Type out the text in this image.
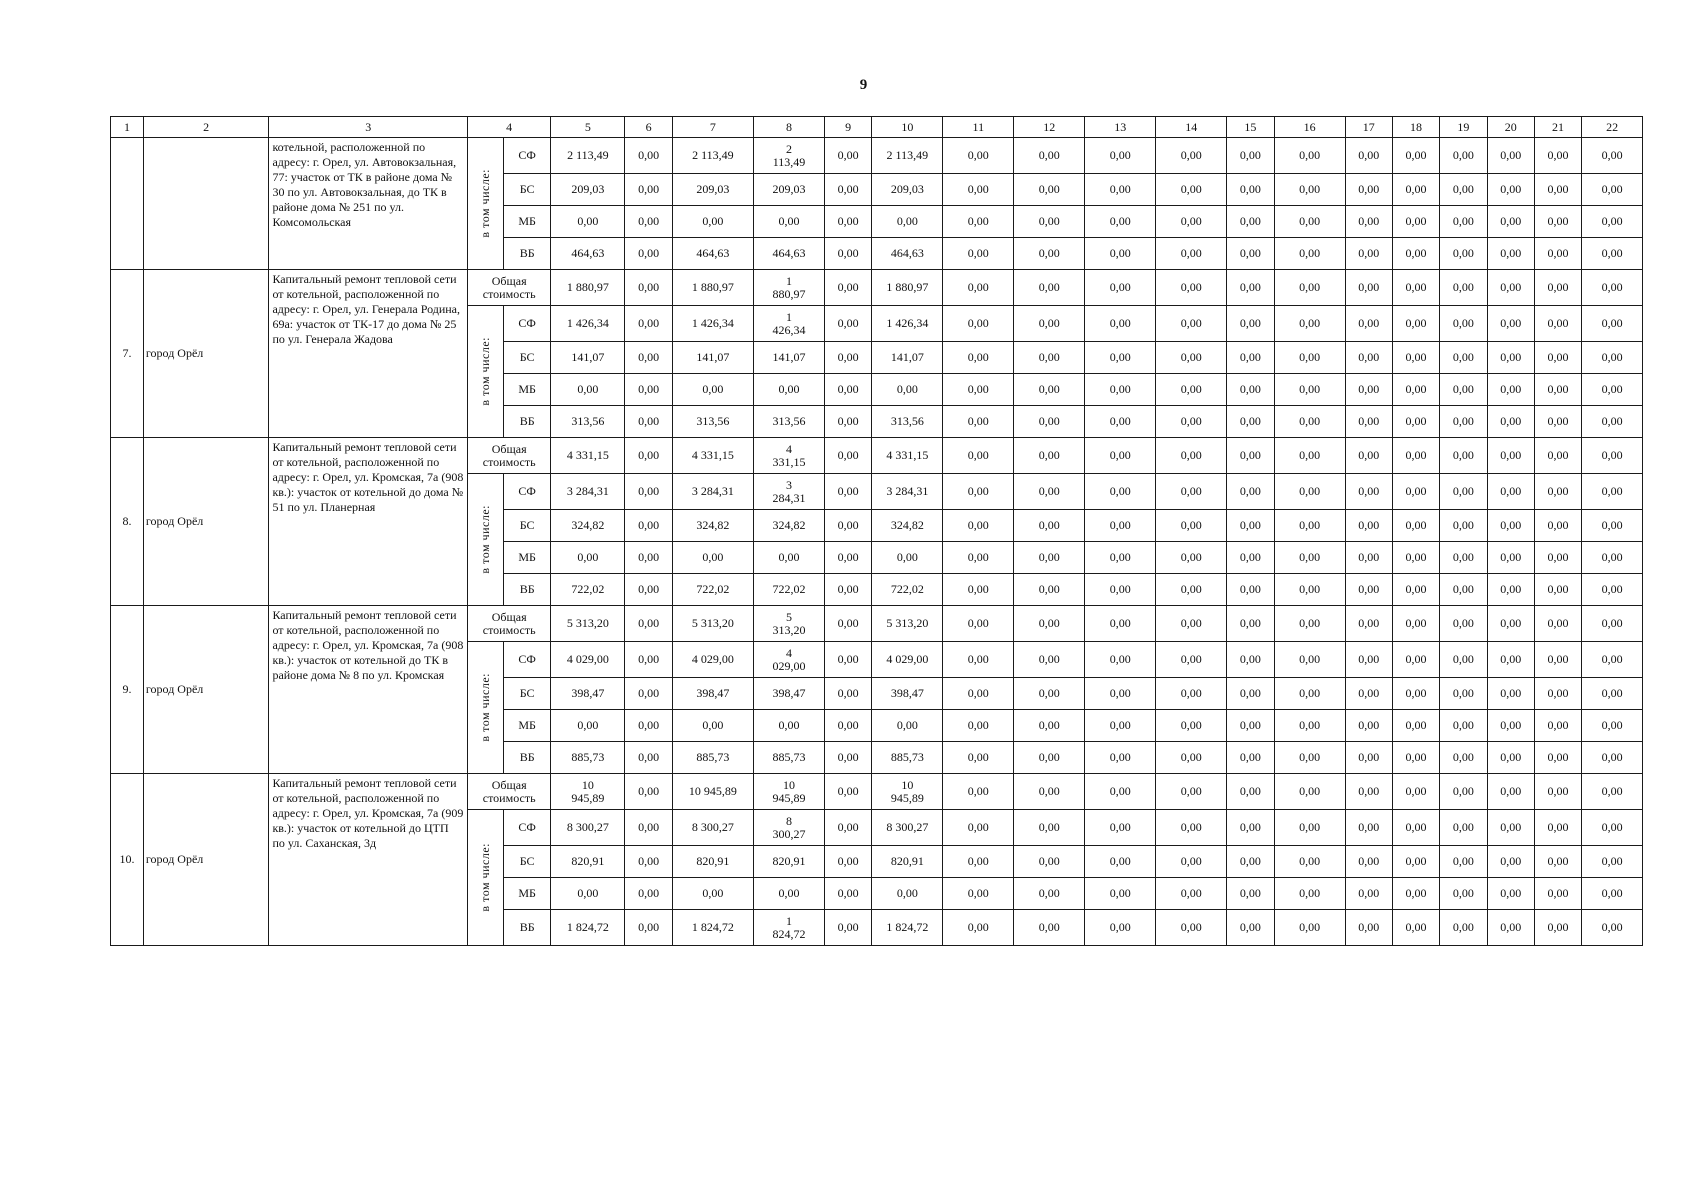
9
1	2	3	4		5	6	7	8	9	10	11	12	13	14	15	16	17	18	19	20	21	22
		котельной, расположенной по адресу: г. Орел, ул. Автовокзальная, 77: участок от ТК в районе дома № 30 по ул. Автовокзальная, до ТК в районе дома № 251 по ул. Комсомольская	в том числе:	СФ	2 113,49	0,00	2 113,49	2 113,49	0,00	2 113,49	0,00	0,00	0,00	0,00	0,00	0,00	0,00	0,00	0,00	0,00	0,00	0,00
				БС	209,03	0,00	209,03	209,03	0,00	209,03	0,00	0,00	0,00	0,00	0,00	0,00	0,00	0,00	0,00	0,00	0,00	0,00
				МБ	0,00	0,00	0,00	0,00	0,00	0,00	0,00	0,00	0,00	0,00	0,00	0,00	0,00	0,00	0,00	0,00	0,00	0,00
				ВБ	464,63	0,00	464,63	464,63	0,00	464,63	0,00	0,00	0,00	0,00	0,00	0,00	0,00	0,00	0,00	0,00	0,00	0,00
7.	город Орёл	Капитальный ремонт тепловой сети от котельной, расположенной по адресу: г. Орел, ул. Генерала Родина, 69а: участок от ТК-17 до дома № 25 по ул. Генерала Жадова	Общая стоимость		1 880,97	0,00	1 880,97	1 880,97	0,00	1 880,97	0,00	0,00	0,00	0,00	0,00	0,00	0,00	0,00	0,00	0,00	0,00	0,00

			в том числе:	СФ	1 426,34	0,00	1 426,34	1 426,34	0,00	1 426,34	0,00	0,00	0,00	0,00	0,00	0,00	0,00	0,00	0,00	0,00	0,00	0,00
				БС	141,07	0,00	141,07	141,07	0,00	141,07	0,00	0,00	0,00	0,00	0,00	0,00	0,00	0,00	0,00	0,00	0,00	0,00
				МБ	0,00	0,00	0,00	0,00	0,00	0,00	0,00	0,00	0,00	0,00	0,00	0,00	0,00	0,00	0,00	0,00	0,00	0,00
				ВБ	313,56	0,00	313,56	313,56	0,00	313,56	0,00	0,00	0,00	0,00	0,00	0,00	0,00	0,00	0,00	0,00	0,00	0,00
8.	город Орёл	Капитальный ремонт тепловой сети от котельной, расположенной по адресу: г. Орел, ул. Кромская, 7а (908 кв.): участок от котельной до дома № 51 по ул. Планерная	Общая стоимость		4 331,15	0,00	4 331,15	4 331,15	0,00	4 331,15	0,00	0,00	0,00	0,00	0,00	0,00	0,00	0,00	0,00	0,00	0,00	0,00

			в том числе:	СФ	3 284,31	0,00	3 284,31	3 284,31	0,00	3 284,31	0,00	0,00	0,00	0,00	0,00	0,00	0,00	0,00	0,00	0,00	0,00	0,00
				БС	324,82	0,00	324,82	324,82	0,00	324,82	0,00	0,00	0,00	0,00	0,00	0,00	0,00	0,00	0,00	0,00	0,00	0,00
				МБ	0,00	0,00	0,00	0,00	0,00	0,00	0,00	0,00	0,00	0,00	0,00	0,00	0,00	0,00	0,00	0,00	0,00	0,00
				ВБ	722,02	0,00	722,02	722,02	0,00	722,02	0,00	0,00	0,00	0,00	0,00	0,00	0,00	0,00	0,00	0,00	0,00	0,00
9.	город Орёл	Капитальный ремонт тепловой сети от котельной, расположенной по адресу: г. Орел, ул. Кромская, 7а (908 кв.): участок от котельной до ТК в районе дома № 8 по ул. Кромская	Общая стоимость		5 313,20	0,00	5 313,20	5 313,20	0,00	5 313,20	0,00	0,00	0,00	0,00	0,00	0,00	0,00	0,00	0,00	0,00	0,00	0,00

			в том числе:	СФ	4 029,00	0,00	4 029,00	4 029,00	0,00	4 029,00	0,00	0,00	0,00	0,00	0,00	0,00	0,00	0,00	0,00	0,00	0,00	0,00
				БС	398,47	0,00	398,47	398,47	0,00	398,47	0,00	0,00	0,00	0,00	0,00	0,00	0,00	0,00	0,00	0,00	0,00	0,00
				МБ	0,00	0,00	0,00	0,00	0,00	0,00	0,00	0,00	0,00	0,00	0,00	0,00	0,00	0,00	0,00	0,00	0,00	0,00
				ВБ	885,73	0,00	885,73	885,73	0,00	885,73	0,00	0,00	0,00	0,00	0,00	0,00	0,00	0,00	0,00	0,00	0,00	0,00
10.	город Орёл	Капитальный ремонт тепловой сети от котельной, расположенной по адресу: г. Орел, ул. Кромская, 7а (909 кв.): участок от котельной до ЦТП по ул. Саханская, 3д	Общая стоимость		10 945,89	0,00	10 945,89	10 945,89	0,00	10 945,89	0,00	0,00	0,00	0,00	0,00	0,00	0,00	0,00	0,00	0,00	0,00	0,00

			в том числе:	СФ	8 300,27	0,00	8 300,27	8 300,27	0,00	8 300,27	0,00	0,00	0,00	0,00	0,00	0,00	0,00	0,00	0,00	0,00	0,00	0,00
				БС	820,91	0,00	820,91	820,91	0,00	820,91	0,00	0,00	0,00	0,00	0,00	0,00	0,00	0,00	0,00	0,00	0,00	0,00
				МБ	0,00	0,00	0,00	0,00	0,00	0,00	0,00	0,00	0,00	0,00	0,00	0,00	0,00	0,00	0,00	0,00	0,00	0,00
				ВБ	1 824,72	0,00	1 824,72	1 824,72	0,00	1 824,72	0,00	0,00	0,00	0,00	0,00	0,00	0,00	0,00	0,00	0,00	0,00	0,00
